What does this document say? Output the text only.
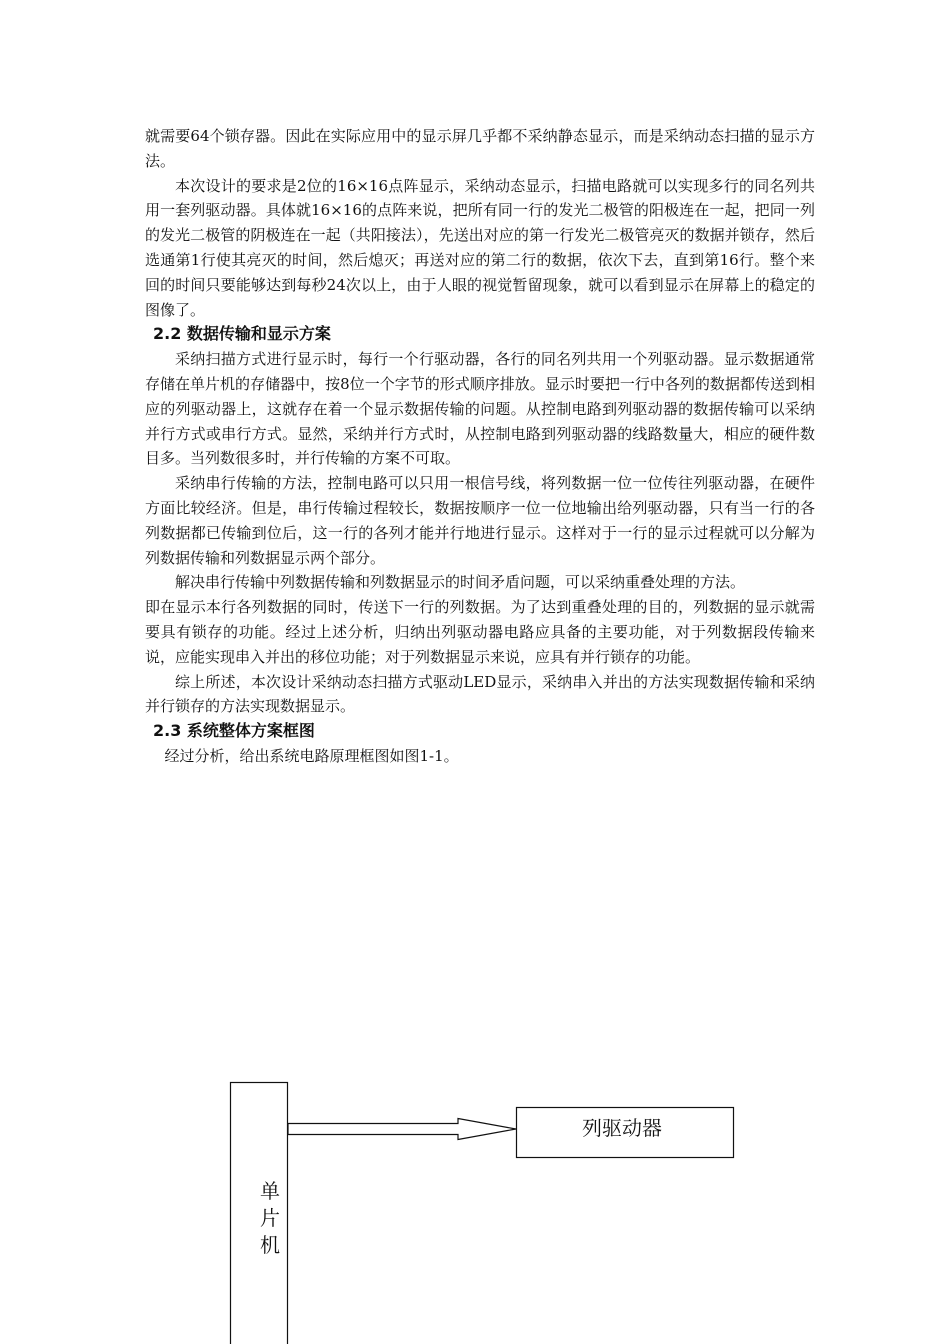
就需要64个锁存器。因此在实际应用中的显示屏几乎都不采纳静态显示，而是采纳动态扫描的显示方法。

本次设计的要求是2位的16×16点阵显示，采纳动态显示，扫描电路就可以实现多行的同名列共用一套列驱动器。具体就16×16的点阵来说，把所有同一行的发光二极管的阳极连在一起，把同一列的发光二极管的阴极连在一起（共阳接法），先送出对应的第一行发光二极管亮灭的数据并锁存，然后选通第1行使其亮灭的时间，然后熄灭；再送对应的第二行的数据，依次下去，直到第16行。整个来回的时间只要能够达到每秒24次以上，由于人眼的视觉暂留现象，就可以看到显示在屏幕上的稳定的图像了。

2.2 数据传输和显示方案

采纳扫描方式进行显示时，每行一个行驱动器，各行的同名列共用一个列驱动器。显示数据通常存储在单片机的存储器中，按8位一个字节的形式顺序排放。显示时要把一行中各列的数据都传送到相应的列驱动器上，这就存在着一个显示数据传输的问题。从控制电路到列驱动器的数据传输可以采纳并行方式或串行方式。显然，采纳并行方式时，从控制电路到列驱动器的线路数量大，相应的硬件数目多。当列数很多时，并行传输的方案不可取。

采纳串行传输的方法，控制电路可以只用一根信号线，将列数据一位一位传往列驱动器，在硬件方面比较经济。但是，串行传输过程较长，数据按顺序一位一位地输出给列驱动器，只有当一行的各列数据都已传输到位后，这一行的各列才能并行地进行显示。这样对于一行的显示过程就可以分解为列数据传输和列数据显示两个部分。

解决串行传输中列数据传输和列数据显示的时间矛盾问题，可以采纳重叠处理的方法。

即在显示本行各列数据的同时，传送下一行的列数据。为了达到重叠处理的目的，列数据的显示就需要具有锁存的功能。经过上述分析，归纳出列驱动器电路应具备的主要功能，对于列数据段传输来说，应能实现串入并出的移位功能；对于列数据显示来说，应具有并行锁存的功能。

综上所述，本次设计采纳动态扫描方式驱动LED显示，采纳串入并出的方法实现数据传输和采纳并行锁存的方法实现数据显示。

2.3 系统整体方案框图

经过分析，给出系统电路原理框图如图1-1。

单片机
列驱动器
